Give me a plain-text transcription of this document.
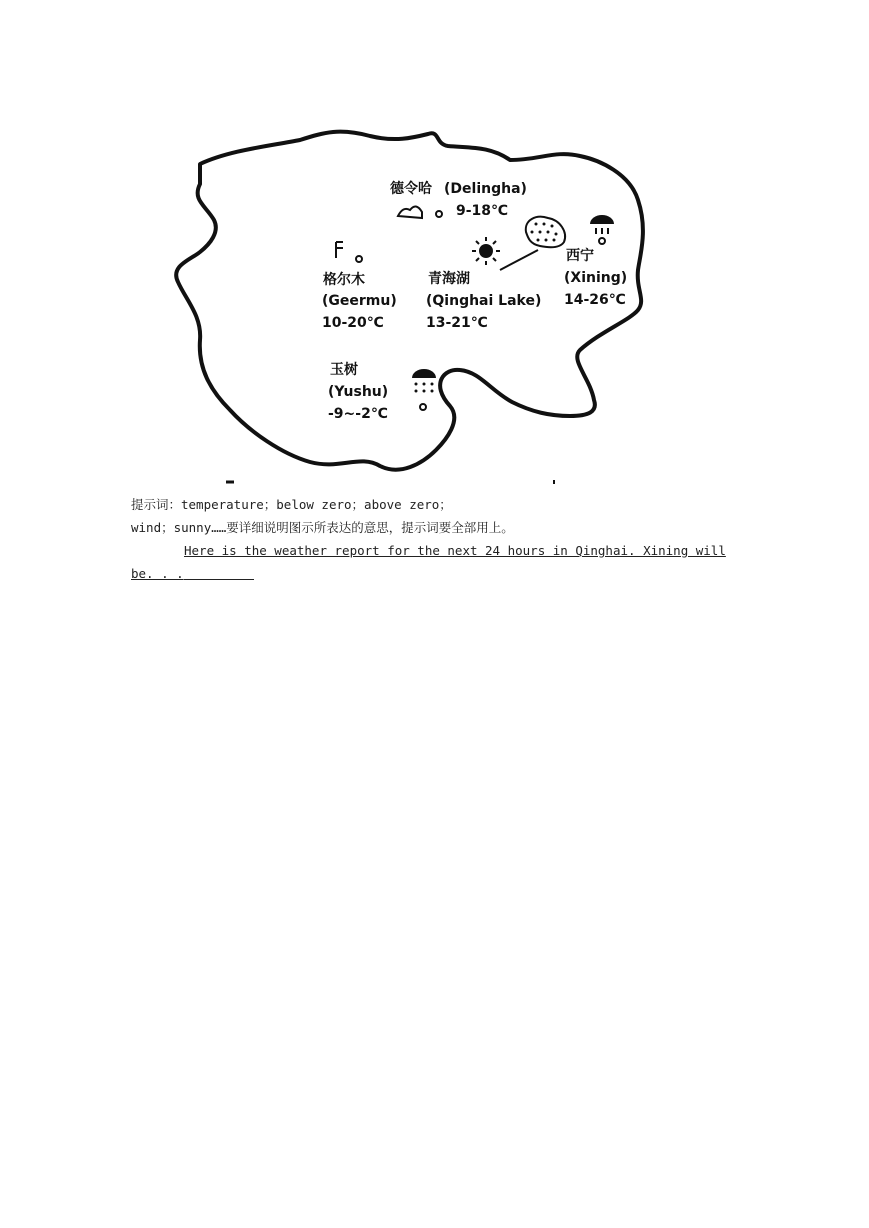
德令哈 (Delingha)
9-18℃
格尔木
(Geermu)
10-20℃
青海湖
(Qinghai Lake)
13-21℃
西宁
(Xining)
14-26℃
玉树
(Yushu)
-9~-2℃
提示词：temperature；below zero；above zero；
wind；sunny……要详细说明图示所表达的意思，提示词要全部用上。
Here is the weather report for the next 24 hours in Qinghai. Xining will
be. . .
